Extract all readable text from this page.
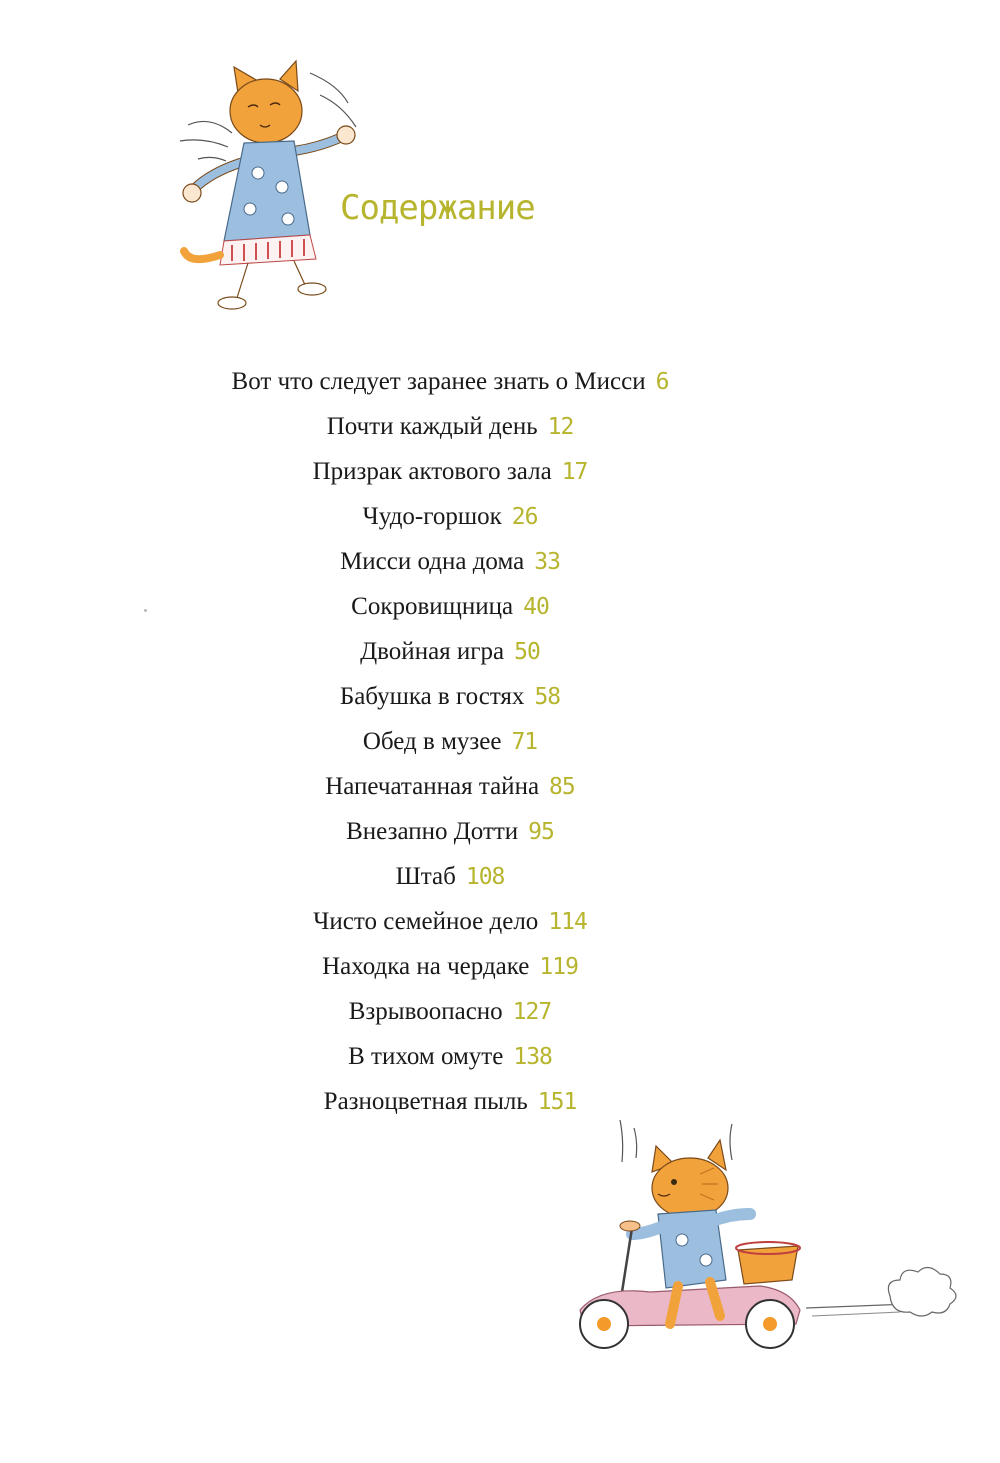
Содержание
Вот что следует заранее знать о Мисси 6
Почти каждый день 12
Призрак актового зала 17
Чудо-горшок 26
Мисси одна дома 33
Сокровищница 40
Двойная игра 50
Бабушка в гостях 58
Обед в музее 71
Напечатанная тайна 85
Внезапно Дотти 95
Штаб 108
Чисто семейное дело 114
Находка на чердаке 119
Взрывоопасно 127
В тихом омуте 138
Разноцветная пыль 151
